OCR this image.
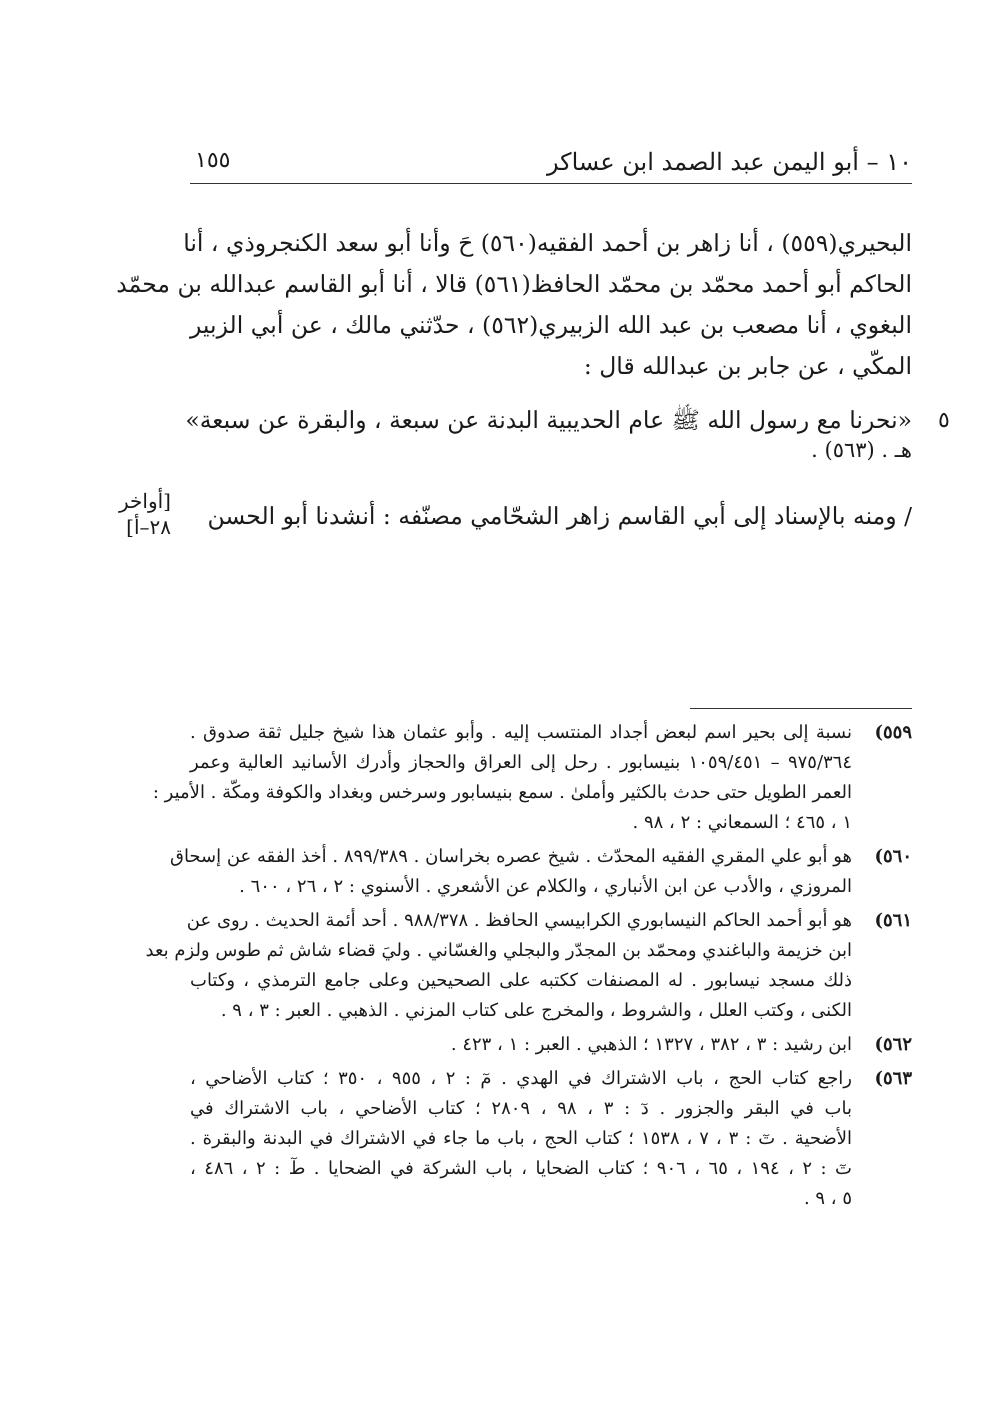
١٠ – أبو اليمن عبد الصمد ابن عساكر
١٥٥
البحيري(٥٥٩) ، أنا زاهر بن أحمد الفقيه(٥٦٠) حَ وأنا أبو سعد الكنجروذي ، أنا
الحاكم أبو أحمد محمّد بن محمّد الحافظ(٥٦١) قالا ، أنا أبو القاسم عبدالله بن محمّد
البغوي ، أنا مصعب بن عبد الله الزبيري(٥٦٢) ، حدّثني مالك ، عن أبي الزبير
المكّي ، عن جابر بن عبدالله قال :
«نحرنا مع رسول الله ﷺ عام الحديبية البدنة عن سبعة ، والبقرة عن سبعة»
هـ . (٥٦٣) .
٥
[أواخر
٢٨–أ]	/ ومنه بالإسناد إلى أبي القاسم زاهر الشحّامي مصنّفه : أنشدنا أبو الحسن
٥٥٩)
نسبة إلى بحير اسم لبعض أجداد المنتسب إليه . وأبو عثمان هذا شيخ جليل ثقة صدوق .
٩٧٥/٣٦٤ – ١٠٥٩/٤٥١ بنيسابور . رحل إلى العراق والحجاز وأدرك الأسانيد العالية وعمر
العمر الطويل حتى حدث بالكثير وأملىٰ . سمع بنيسابور وسرخس وبغداد والكوفة ومكّة . الأمير :
١ ، ٤٦٥ ؛ السمعاني : ٢ ، ٩٨ .
٥٦٠)
هو أبو علي المقري الفقيه المحدّث . شيخ عصره بخراسان . ٨٩٩/٣٨٩ . أخذ الفقه عن إسحاق
المروزي ، والأدب عن ابن الأنباري ، والكلام عن الأشعري . الأسنوي : ٢ ، ٢٦ ، ٦٠٠ .
٥٦١)
هو أبو أحمد الحاكم النيسابوري الكرابيسي الحافظ . ٩٨٨/٣٧٨ . أحد أئمة الحديث . روى عن
ابن خزيمة والباغندي ومحمّد بن المجدّر والبجلي والغسّاني . وليَ قضاء شاش ثم طوس ولزم بعد
ذلك مسجد نيسابور . له المصنفات ككتبه على الصحيحين وعلى جامع الترمذي ، وكتاب
الكنى ، وكتب العلل ، والشروط ، والمخرج على كتاب المزني . الذهبي . العبر : ٣ ، ٩ .
٥٦٢)
ابن رشيد : ٣ ، ٣٨٢ ، ١٣٢٧ ؛ الذهبي . العبر : ١ ، ٤٢٣ .
٥٦٣)
راجع كتاب الحج ، باب الاشتراك في الهدي . مٓ : ٢ ، ٩٥٥ ، ٣٥٠ ؛ كتاب الأضاحي ،
باب في البقر والجزور . دٓ : ٣ ، ٩٨ ، ٢٨٠٩ ؛ كتاب الأضاحي ، باب الاشتراك في
الأضحية . تٓ : ٣ ، ٧ ، ١٥٣٨ ؛ كتاب الحج ، باب ما جاء في الاشتراك في البدنة والبقرة .
تٓ : ٢ ، ١٩٤ ، ٦٥ ، ٩٠٦ ؛ كتاب الضحايا ، باب الشركة في الضحايا . طٓ : ٢ ، ٤٨٦ ،
٥ ، ٩ .
